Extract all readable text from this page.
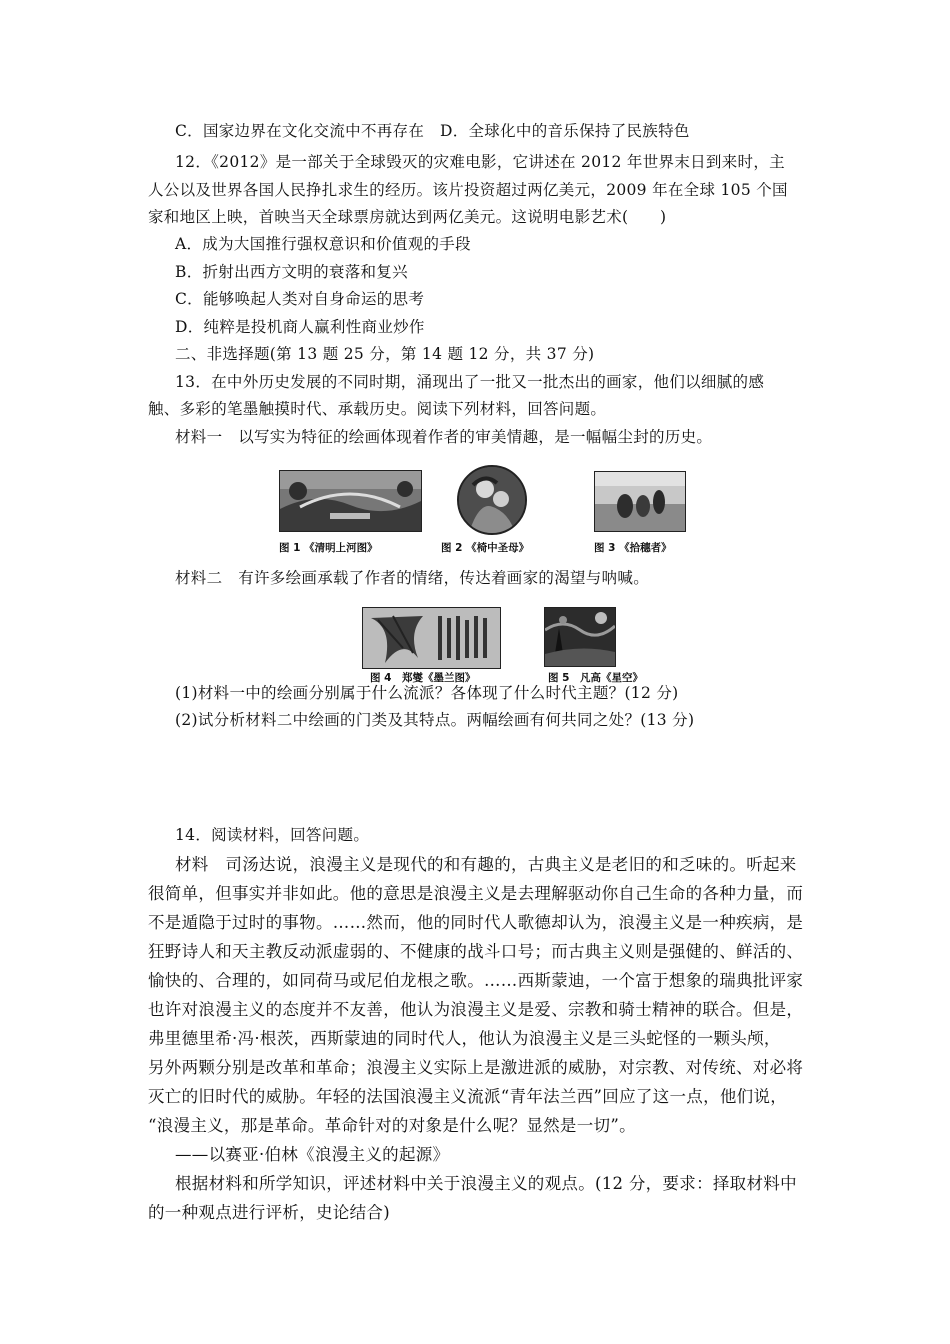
C．国家边界在文化交流中不再存在　D．全球化中的音乐保持了民族特色
12．《2012》是一部关于全球毁灭的灾难电影，它讲述在 2012 年世界末日到来时，主
人公以及世界各国人民挣扎求生的经历。该片投资超过两亿美元，2009 年在全球 105 个国
家和地区上映，首映当天全球票房就达到两亿美元。这说明电影艺术(　　)
A．成为大国推行强权意识和价值观的手段
B．折射出西方文明的衰落和复兴
C．能够唤起人类对自身命运的思考
D．纯粹是投机商人赢利性商业炒作
二、非选择题(第 13 题 25 分，第 14 题 12 分，共 37 分)
13．在中外历史发展的不同时期，涌现出了一批又一批杰出的画家，他们以细腻的感
触、多彩的笔墨触摸时代、承载历史。阅读下列材料，回答问题。
材料一　以写实为特征的绘画体现着作者的审美情趣，是一幅幅尘封的历史。
图 1 《清明上河图》	图 2 《椅中圣母》	图 3 《拾穗者》
材料二　有许多绘画承载了作者的情绪，传达着画家的渴望与呐喊。
图 4　郑燮《墨兰图》	图 5　凡高《星空》
(1)材料一中的绘画分别属于什么流派？各体现了什么时代主题？(12 分)
(2)试分析材料二中绘画的门类及其特点。两幅绘画有何共同之处？(13 分)
14．阅读材料，回答问题。
材料　司汤达说，浪漫主义是现代的和有趣的，古典主义是老旧的和乏味的。听起来
很简单，但事实并非如此。他的意思是浪漫主义是去理解驱动你自己生命的各种力量，而
不是遁隐于过时的事物。……然而，他的同时代人歌德却认为，浪漫主义是一种疾病，是
狂野诗人和天主教反动派虚弱的、不健康的战斗口号；而古典主义则是强健的、鲜活的、
愉快的、合理的，如同荷马或尼伯龙根之歌。……西斯蒙迪，一个富于想象的瑞典批评家
也许对浪漫主义的态度并不友善，他认为浪漫主义是爱、宗教和骑士精神的联合。但是，
弗里德里希·冯·根茨，西斯蒙迪的同时代人，他认为浪漫主义是三头蛇怪的一颗头颅，
另外两颗分别是改革和革命；浪漫主义实际上是激进派的威胁，对宗教、对传统、对必将
灭亡的旧时代的威胁。年轻的法国浪漫主义流派“青年法兰西”回应了这一点，他们说，
“浪漫主义，那是革命。革命针对的对象是什么呢？显然是一切”。
——以赛亚·伯林《浪漫主义的起源》
根据材料和所学知识，评述材料中关于浪漫主义的观点。(12 分，要求：择取材料中
的一种观点进行评析，史论结合)
